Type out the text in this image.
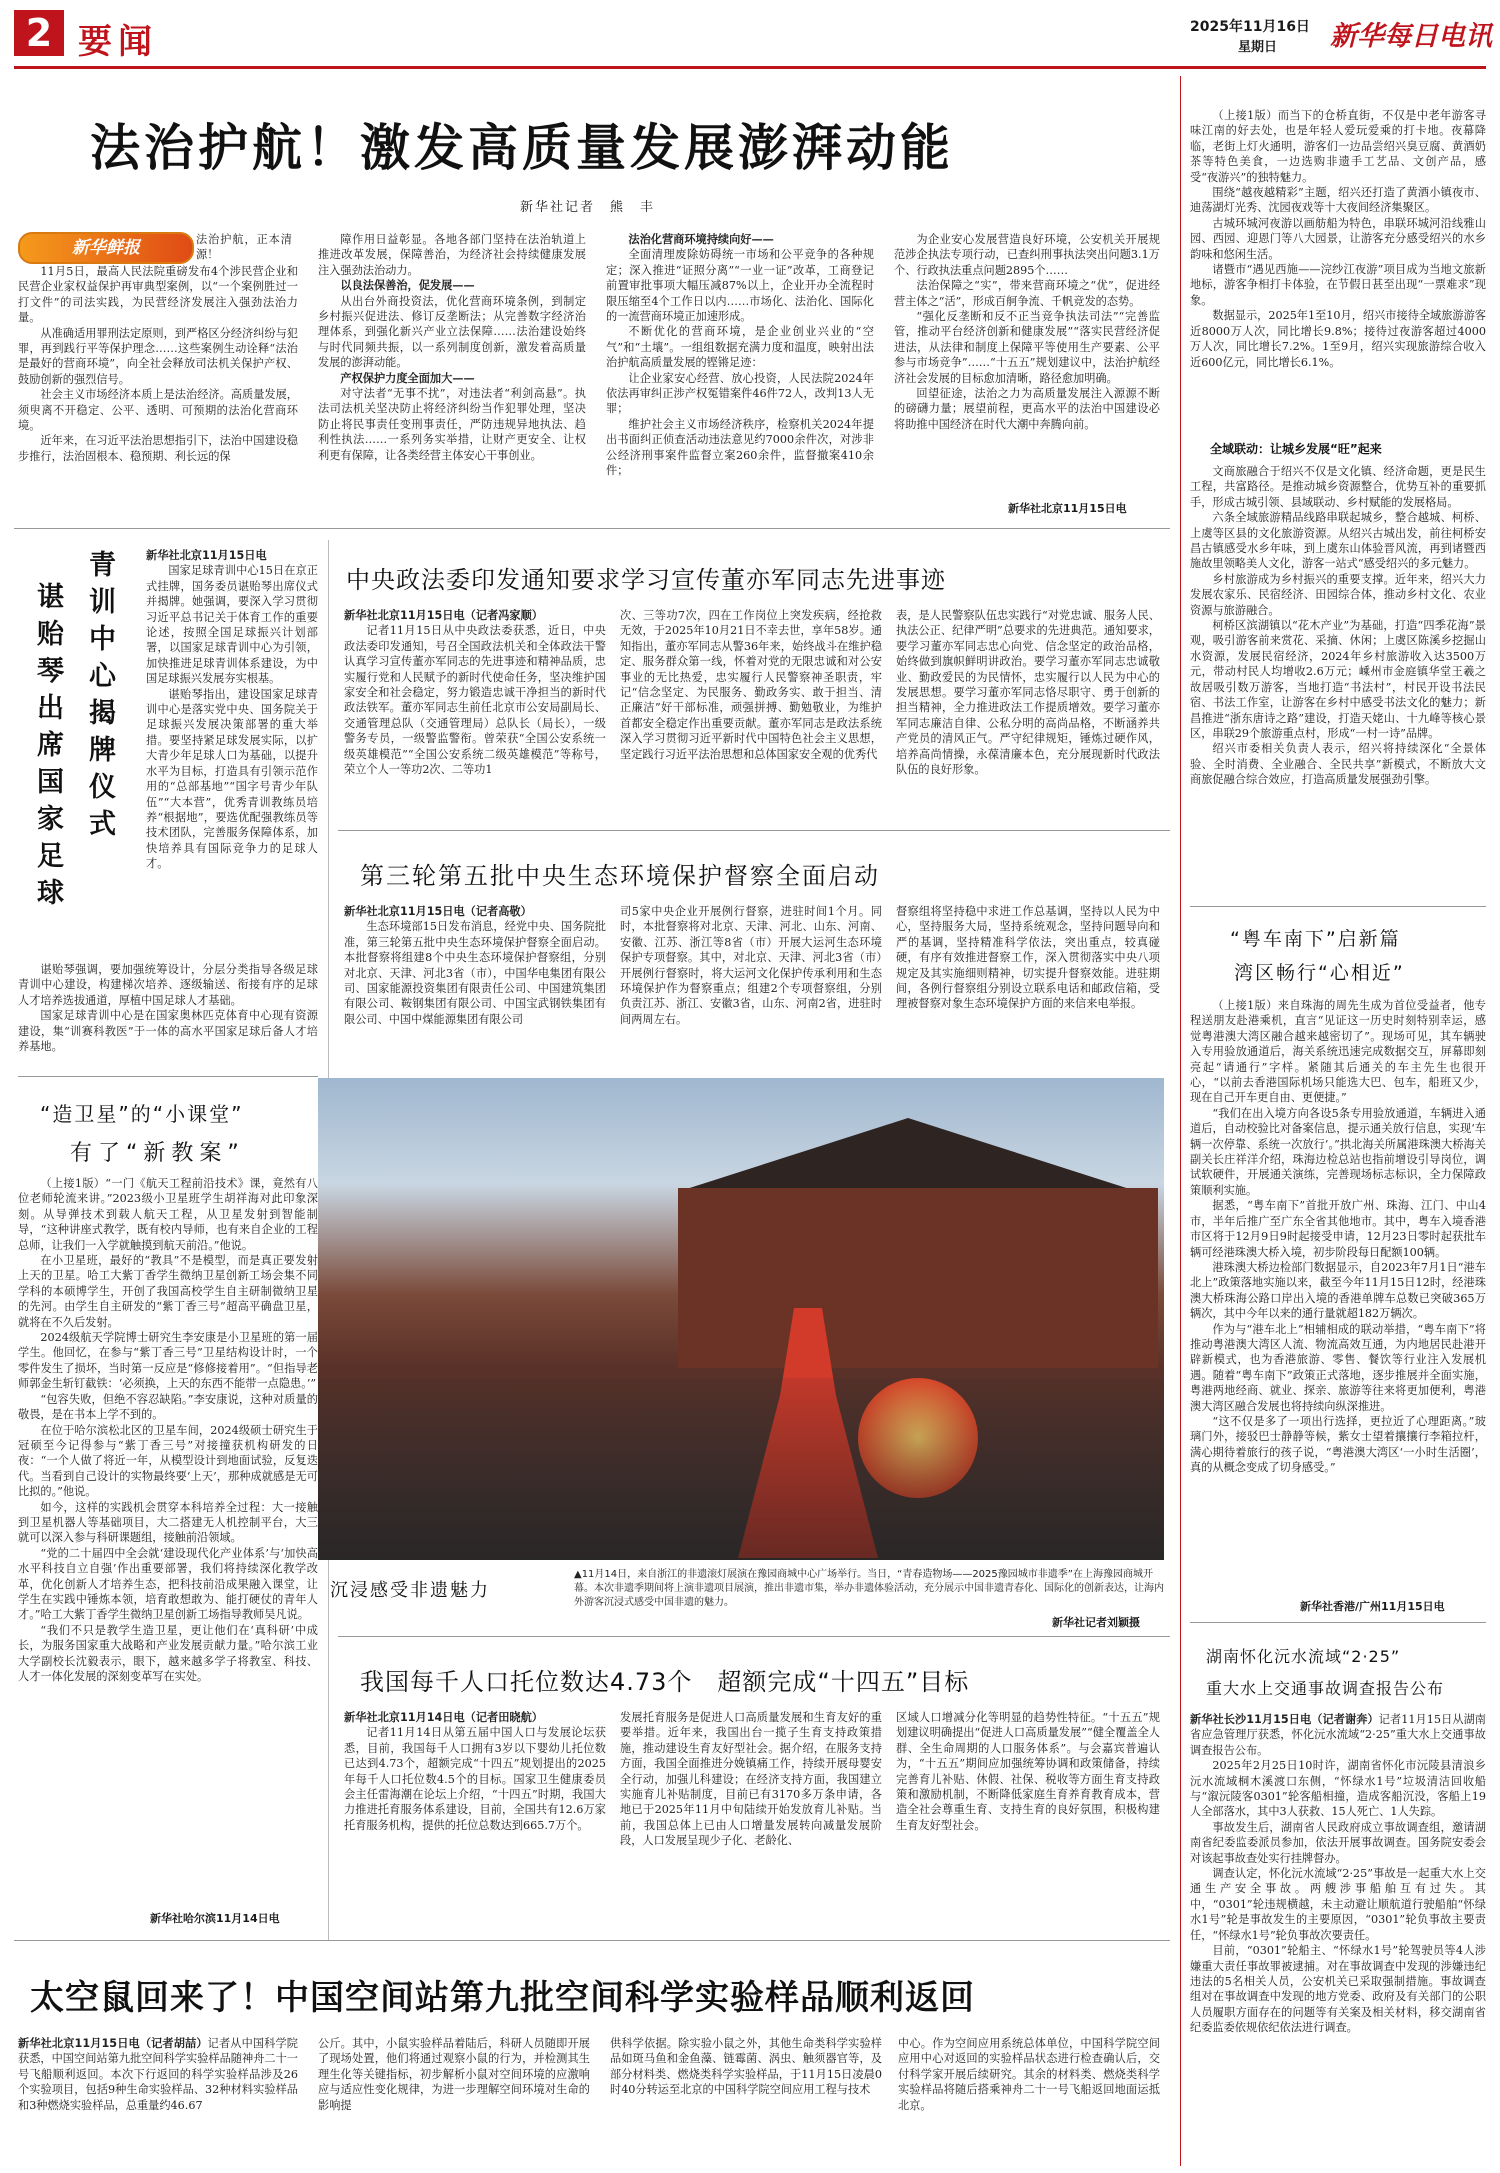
2 要闻	2025年11月16日
星期日 新华每日电讯
法治护航！激发高质量发展澎湃动能
新华社记者　熊　丰
新华鲜报	法治护航，正本清源！

11月5日，最高人民法院重磅发布4个涉民营企业和民营企业家权益保护再审典型案例，以“一个案例胜过一打文件”的司法实践，为民营经济发展注入强劲法治力量。

从准确适用罪刑法定原则，到严格区分经济纠纷与犯罪，再到践行平等保护理念……这些案例生动诠释“法治是最好的营商环境”，向全社会释放司法机关保护产权、鼓励创新的强烈信号。

社会主义市场经济本质上是法治经济。高质量发展，须臾离不开稳定、公平、透明、可预期的法治化营商环境。

近年来，在习近平法治思想指引下，法治中国建设稳步推行，法治固根本、稳预期、利长远的保

障作用日益彰显。各地各部门坚持在法治轨道上推进改革发展，保障善治，为经济社会持续健康发展注入强劲法治动力。

以良法保善治，促发展——

从出台外商投资法，优化营商环境条例，到制定乡村振兴促进法、修订反垄断法；从完善数字经济治理体系，到强化新兴产业立法保障……法治建设始终与时代同频共振，以一系列制度创新，激发着高质量发展的澎湃动能。

产权保护力度全面加大——

对守法者“无事不扰”，对违法者“利剑高悬”。执法司法机关坚决防止将经济纠纷当作犯罪处理，坚决防止将民事责任变刑事责任，严防违规异地执法、趋利性执法……一系列务实举措，让财产更安全、让权利更有保障，让各类经营主体安心干事创业。

法治化营商环境持续向好——

全面清理废除妨碍统一市场和公平竞争的各种规定；深入推进“证照分离”“一业一证”改革，工商登记前置审批事项大幅压减87%以上，企业开办全流程时限压缩至4个工作日以内……市场化、法治化、国际化的一流营商环境正加速形成。

不断优化的营商环境，是企业创业兴业的“空气”和“土壤”。一组组数据充满力度和温度，映射出法治护航高质量发展的铿锵足迹：

让企业家安心经营、放心投资，人民法院2024年依法再审纠正涉产权冤错案件46件72人，改判13人无罪；

维护社会主义市场经济秩序，检察机关2024年提出书面纠正侦查活动违法意见约7000余件次，对涉非公经济刑事案件监督立案260余件，监督撤案410余件；

为企业安心发展营造良好环境，公安机关开展规范涉企执法专项行动，已查纠刑事执法突出问题3.1万个、行政执法重点问题2895个……

法治保障之“实”，带来营商环境之“优”，促进经营主体之“活”，形成百舸争流、千帆竞发的态势。

“强化反垄断和反不正当竞争执法司法”“完善监管，推动平台经济创新和健康发展”“落实民营经济促进法，从法律和制度上保障平等使用生产要素、公平参与市场竞争”……“十五五”规划建议中，法治护航经济社会发展的目标愈加清晰，路径愈加明确。

回望征途，法治之力为高质量发展注入源源不断的磅礴力量；展望前程，更高水平的法治中国建设必将助推中国经济在时代大潮中奔腾向前。

新华社北京11月15日电
青训中心揭牌仪式
谌贻琴出席国家足球

新华社北京11月15日电

国家足球青训中心15日在京正式挂牌，国务委员谌贻琴出席仪式并揭牌。她强调，要深入学习贯彻习近平总书记关于体育工作的重要论述，按照全国足球振兴计划部署，以国家足球青训中心为引领，加快推进足球青训体系建设，为中国足球振兴发展夯实根基。

谌贻琴指出，建设国家足球青训中心是落实党中央、国务院关于足球振兴发展决策部署的重大举措。要坚持紧足球发展实际，以扩大青少年足球人口为基础，以提升水平为目标，打造具有引领示范作用的“总部基地”“国字号青少年队伍”“大本营”，优秀青训教练员培养“根据地”，要选优配强教练员等技术团队，完善服务保障体系，加快培养具有国际竞争力的足球人才。

谌贻琴强调，要加强统筹设计，分层分类指导各级足球青训中心建设，构建梯次培养、逐级输送、衔接有序的足球人才培养选拔通道，厚植中国足球人才基础。

国家足球青训中心是在国家奥林匹克体育中心现有资源建设，集“训赛科教医”于一体的高水平国家足球后备人才培养基地。

“造卫星”的“小课堂”
有了“新教案”

（上接1版）“一门《航天工程前沿技术》课，竟然有八位老师轮流来讲。”2023级小卫星班学生胡祥海对此印象深刻。从导弹技术到载人航天工程，从卫星发射到智能制导，“这种讲座式教学，既有校内导师，也有来自企业的工程总师，让我们一入学就触摸到航天前沿。”他说。

在小卫星班，最好的“教具”不是模型，而是真正要发射上天的卫星。哈工大紫丁香学生微纳卫星创新工场会集不同学科的本硕博学生，开创了我国高校学生自主研制微纳卫星的先河。由学生自主研发的“紫丁香三号”超高平确盘卫星，就将在不久后发射。

2024级航天学院博士研究生李安康是小卫星班的第一届学生。他回忆，在参与“紫丁香三号”卫星结构设计时，一个零件发生了损坏，当时第一反应是“修修接着用”。“但指导老师郭金生斩钉截铁：‘必须换，上天的东西不能带一点隐患。’”

“包容失败，但绝不容忍缺陷。”李安康说，这种对质量的敬畏，是在书本上学不到的。

在位于哈尔滨松北区的卫星车间，2024级硕士研究生于冠硕至今记得参与“紫丁香三号”对接撞获机构研发的日夜：“一个人做了将近一年，从模型设计到地面试验，反复迭代。当看到自己设计的实物最终要‘上天’，那种成就感是无可比拟的。”他说。

如今，这样的实践机会贯穿本科培养全过程：大一接触到卫星机器人等基础项目，大二搭建无人机控制平台，大三就可以深入参与科研课题组，接触前沿领域。

“党的二十届四中全会就‘建设现代化产业体系’与‘加快高水平科技自立自强’作出重要部署，我们将持续深化教学改革，优化创新人才培养生态，把科技前沿成果融入课堂，让学生在实践中锤炼本领，培育敢想敢为、能打硬仗的青年人才。”哈工大紫丁香学生微纳卫星创新工场指导教师吴凡说。

“我们不只是教学生造卫星，更让他们在‘真科研’中成长，为服务国家重大战略和产业发展贡献力量。”哈尔滨工业大学副校长沈毅表示，眼下，越来越多学子将教室、科技、人才一体化发展的深刻变革写在实处。

新华社哈尔滨11月14日电
中央政法委印发通知要求学习宣传董亦军同志先进事迹

新华社北京11月15日电（记者冯家顺）

记者11月15日从中央政法委获悉，近日，中央政法委印发通知，号召全国政法机关和全体政法干警认真学习宣传董亦军同志的先进事迹和精神品质，忠实履行党和人民赋予的新时代使命任务，坚决维护国家安全和社会稳定，努力锻造忠诚干净担当的新时代政法铁军。董亦军同志生前任北京市公安局副局长、交通管理总队（交通管理局）总队长（局长），一级警务专员，一级警监警衔。曾荣获“全国公安系统一级英雄模范”“全国公安系统二级英雄模范”等称号，荣立个人一等功2次、二等功1

次、三等功7次，四在工作岗位上突发疾病，经抢救无效，于2025年10月21日不幸去世，享年58岁。通知指出，董亦军同志从警36年来，始终战斗在维护稳定、服务群众第一线，怀着对党的无限忠诚和对公安事业的无比热爱，忠实履行人民警察神圣职责，牢记“信念坚定、为民服务、勤政务实、敢于担当、清正廉洁”好干部标准，顽强拼搏、勤勉敬业，为维护首都安全稳定作出重要贡献。董亦军同志是政法系统深入学习贯彻习近平新时代中国特色社会主义思想，坚定践行习近平法治思想和总体国家安全观的优秀代

表，是人民警察队伍忠实践行“对党忠诚、服务人民、执法公正、纪律严明”总要求的先进典范。通知要求，要学习董亦军同志忠心向党、信念坚定的政治品格，始终做到旗帜鲜明讲政治。要学习董亦军同志忠诚敬业、勤政爱民的为民情怀，忠实履行以人民为中心的发展思想。要学习董亦军同志恪尽职守、勇于创新的担当精神，全力推进政法工作提质增效。要学习董亦军同志廉洁自律、公私分明的高尚品格，不断涵养共产党员的清风正气。严守纪律规矩，锤炼过硬作风，培养高尚情操，永葆清廉本色，充分展现新时代政法队伍的良好形象。

第三轮第五批中央生态环境保护督察全面启动

新华社北京11月15日电（记者高敬）

生态环境部15日发布消息，经党中央、国务院批准，第三轮第五批中央生态环境保护督察全面启动。本批督察将组建8个中央生态环境保护督察组，分别对北京、天津、河北3省（市），中国华电集团有限公司、国家能源投资集团有限责任公司、中国建筑集团有限公司、鞍钢集团有限公司、中国宝武钢铁集团有限公司、中国中煤能源集团有限公司

司5家中央企业开展例行督察，进驻时间1个月。同时，本批督察将对北京、天津、河北、山东、河南、安徽、江苏、浙江等8省（市）开展大运河生态环境保护专项督察。其中，对北京、天津、河北3省（市）开展例行督察时，将大运河文化保护传承利用和生态环境保护作为督察重点；组建2个专项督察组，分别负责江苏、浙江、安徽3省，山东、河南2省，进驻时间两周左右。

督察组将坚持稳中求进工作总基调，坚持以人民为中心，坚持服务大局，坚持系统观念，坚持问题导向和严的基调，坚持精准科学依法，突出重点，较真碰硬，有序有效推进督察工作，深入贯彻落实中央八项规定及其实施细则精神，切实提升督察效能。进驻期间，各例行督察组分别设立联系电话和邮政信箱，受理被督察对象生态环境保护方面的来信来电举报。

沉浸感受非遗魅力
▲11月14日，来自浙江的非遗滚灯展演在豫园商城中心广场举行。当日，“青春造物场——2025豫园城市非遗季”在上海豫园商城开幕。本次非遗季期间将上演非遗项目展演，推出非遗市集，举办非遗体验活动，充分展示中国非遗青春化、国际化的创新表达，让海内外游客沉浸式感受中国非遗的魅力。
新华社记者刘颖摄
我国每千人口托位数达4.73个　超额完成“十四五”目标

新华社北京11月14日电（记者田晓航）

记者11月14日从第五届中国人口与发展论坛获悉，目前，我国每千人口拥有3岁以下婴幼儿托位数已达到4.73个，超额完成“十四五”规划提出的2025年每千人口托位数4.5个的目标。国家卫生健康委员会主任雷海潮在论坛上介绍，“十四五”时期，我国大力推进托育服务体系建设，目前，全国共有12.6万家托育服务机构，提供的托位总数达到665.7万个。

发展托育服务是促进人口高质量发展和生育友好的重要举措。近年来，我国出台一揽子生育支持政策措施，推动建设生育友好型社会。据介绍，在服务支持方面，我国全面推进分娩镇痛工作，持续开展母婴安全行动，加强儿科建设；在经济支持方面，我国建立实施育儿补贴制度，目前已有3170多万条申请，各地已于2025年11月中旬陆续开始发放育儿补贴。当前，我国总体上已由人口增量发展转向减量发展阶段，人口发展呈现少子化、老龄化、

区域人口增减分化等明显的趋势性特征。“十五五”规划建议明确提出“促进人口高质量发展”“健全覆盖全人群、全生命周期的人口服务体系”。与会嘉宾普遍认为，“十五五”期间应加强统筹协调和政策储备，持续完善育儿补贴、休假、社保、税收等方面生育支持政策和激励机制，不断降低家庭生育养育教育成本，营造全社会尊重生育、支持生育的良好氛围，积极构建生育友好型社会。

太空鼠回来了！中国空间站第九批空间科学实验样品顺利返回

新华社北京11月15日电（记者胡喆）记者从中国科学院获悉，中国空间站第九批空间科学实验样品随神舟二十一号飞船顺利返回。本次下行返回的科学实验样品涉及26个实验项目，包括9种生命实验样品、32种材料实验样品和3种燃烧实验样品，总重量约46.67

公斤。其中，小鼠实验样品着陆后，科研人员随即开展了现场处置，他们将通过观察小鼠的行为，并检测其生理生化等关键指标，初步解析小鼠对空间环境的应激响应与适应性变化规律，为进一步理解空间环境对生命的影响提

供科学依据。除实验小鼠之外，其他生命类科学实验样品如斑马鱼和金鱼藻、链霉菌、涡虫、触须器官等，及部分材料类、燃烧类科学实验样品，于11月15日凌晨0时40分转运至北京的中国科学院空间应用工程与技术

中心。作为空间应用系统总体单位，中国科学院空间应用中心对返回的实验样品状态进行检查确认后，交付科学家开展后续研究。其余的材料类、燃烧类科学实验样品将随后搭乘神舟二十一号飞船返回地面运抵北京。

（上接1版）而当下的仓桥直街，不仅是中老年游客寻味江南的好去处，也是年轻人爱玩爱乘的打卡地。夜幕降临，老街上灯火通明，游客们一边品尝绍兴臭豆腐、黄酒奶茶等特色美食，一边选购非遗手工艺品、文创产品，感受“夜游兴”的独特魅力。

围绕“越夜越精彩”主题，绍兴还打造了黄酒小镇夜市、迪荡湖灯光秀、沈园夜戏等十大夜间经济集聚区。

古城环城河夜游以画舫船为特色，串联环城河沿线雅山园、西园、迎恩门等八大园景，让游客充分感受绍兴的水乡韵味和悠闲生活。

诸暨市“遇见西施——浣纱江夜游”项目成为当地文旅新地标，游客争相打卡体验，在节假日甚至出现“一票难求”现象。

数据显示，2025年1至10月，绍兴市接待全域旅游游客近8000万人次，同比增长9.8%；接待过夜游客超过4000万人次，同比增长7.2%。1至9月，绍兴实现旅游综合收入近600亿元，同比增长6.1%。

全域联动：让城乡发展“旺”起来

文商旅融合于绍兴不仅是文化镇、经济命题，更是民生工程，共富路径。是推动城乡资源整合，优势互补的重要抓手，形成古城引领、县域联动、乡村赋能的发展格局。

六条全域旅游精品线路串联起城乡，整合越城、柯桥、上虞等区县的文化旅游资源。从绍兴古城出发，前往柯桥安昌古镇感受水乡年味，到上虞东山体验晋风流，再到诸暨西施故里领略美人文化，游客一站式“感受绍兴的多元魅力。

乡村旅游成为乡村振兴的重要支撑。近年来，绍兴大力发展农家乐、民宿经济、田园综合体，推动乡村文化、农业资源与旅游融合。

柯桥区滨湖镇以“花木产业”为基础，打造“四季花海”景观，吸引游客前来赏花、采摘、休闲；上虞区陈溪乡挖掘山水资源，发展民宿经济，2024年乡村旅游收入达3500万元，带动村民人均增收2.6万元；嵊州市金庭镇华堂王羲之故居吸引数万游客，当地打造“书法村”，村民开设书法民宿、书法工作室，让游客在乡村中感受书法文化的魅力；新昌推进“浙东唐诗之路”建设，打造天姥山、十九峰等核心景区，串联29个旅游重点村，形成“一村一诗”品牌。

绍兴市委相关负责人表示，绍兴将持续深化“全景体验、全时消费、全业融合、全民共享”新模式，不断放大文商旅促融合综合效应，打造高质量发展强劲引擎。

“粤车南下”启新篇
湾区畅行“心相近”

（上接1版）来自珠海的周先生成为首位受益者，他专程送朋友赴港乘机，直言“见证这一历史时刻特别幸运，感觉粤港澳大湾区融合越来越密切了”。现场可见，其车辆驶入专用验放通道后，海关系统迅速完成数据交互，屏幕即刻亮起“请通行”字样。紧随其后通关的车主先生也很开心，“以前去香港国际机场只能选大巴、包车，船班又少，现在自己开车更自由、更便捷。”

“我们在出入境方向各设5条专用验放通道，车辆进入通道后，自动校验比对备案信息，提示通关放行信息，实现‘车辆一次停靠、系统一次放行’。”拱北海关所属港珠澳大桥海关副关长庄祥洋介绍，珠海边检总站也指前增设引导岗位，调试软硬件，开展通关演练，完善现场标志标识，全力保障政策顺利实施。

据悉，“粤车南下”首批开放广州、珠海、江门、中山4市，半年后推广至广东全省其他地市。其中，粤车入境香港市区将于12月9日9时起接受申请，12月23日零时起获批车辆可经港珠澳大桥入境，初步阶段每日配额100辆。

港珠澳大桥边检部门数据显示，自2023年7月1日“港车北上”政策落地实施以来，截至今年11月15日12时，经港珠澳大桥珠海公路口岸出入境的香港单牌车总数已突破365万辆次，其中今年以来的通行量就超182万辆次。

作为与“港车北上”相辅相成的联动举措，“粤车南下”将推动粤港澳大湾区人流、物流高效互通，为内地居民赴港开辟新模式，也为香港旅游、零售、餐饮等行业注入发展机遇。随着“粤车南下”政策正式落地，逐步推展并全面实施，粤港两地经商、就业、探亲、旅游等往来将更加便利，粤港澳大湾区融合发展也将持续向纵深推进。

“这不仅是多了一项出行选择，更拉近了心理距离。”玻璃门外，接驳巴士静静等候，紫女士望着攘攘行李箱拉杆，满心期待着旅行的孩子说，“粤港澳大湾区‘一小时生活圈’，真的从概念变成了切身感受。”

新华社香港/广州11月15日电
湖南怀化沅水流域“2·25”
重大水上交通事故调查报告公布

新华社长沙11月15日电（记者谢奔）记者11月15日从湖南省应急管理厅获悉，怀化沅水流域“2·25”重大水上交通事故调查报告公布。

2025年2月25日10时许，湖南省怀化市沅陵县清浪乡沅水流域桐木溪渡口东侧，“怀绿水1号”垃圾清洁回收船与“溆沅陵客0301”轮客船相撞，造成客船沉没，客船上19人全部落水，其中3人获救、15人死亡、1人失踪。

事故发生后，湖南省人民政府成立事故调查组，邀请湖南省纪委监委派员参加，依法开展事故调查。国务院安委会对该起事故查处实行挂牌督办。

调查认定，怀化沅水流域“2·25”事故是一起重大水上交通生产安全事故。两艘涉事船舶互有过失。其中，“0301”轮违规横越，未主动避让顺航道行驶船舶“怀绿水1号”轮是事故发生的主要原因，“0301”轮负事故主要责任，“怀绿水1号”轮负事故次要责任。

目前，“0301”轮船主、“怀绿水1号”轮驾驶员等4人涉嫌重大责任事故罪被逮捕。对在事故调查中发现的涉嫌违纪违法的5名相关人员，公安机关已采取强制措施。事故调查组对在事故调查中发现的地方党委、政府及有关部门的公职人员履职方面存在的问题等有关案及相关材料，移交湖南省纪委监委依规依纪依法进行调查。
